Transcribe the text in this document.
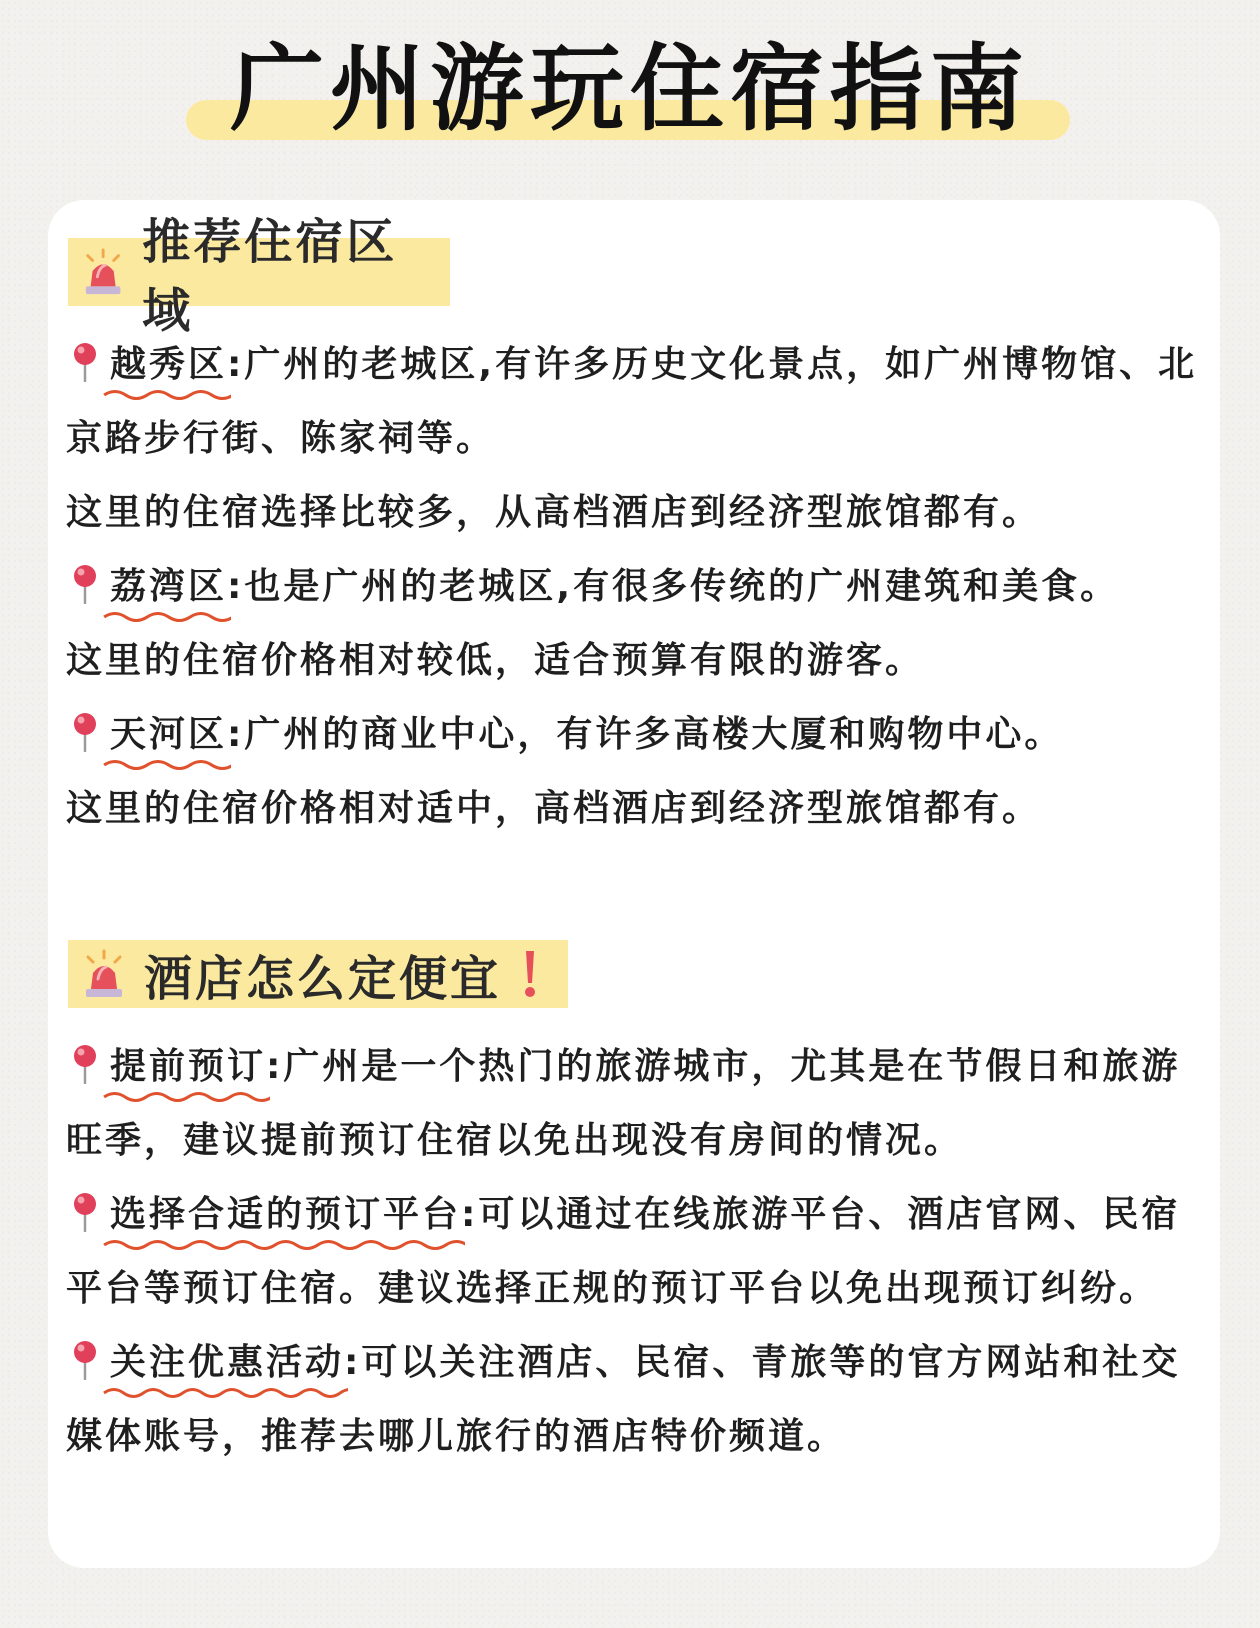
广州游玩住宿指南
推荐住宿区域
越秀区
:广州的老城区,有许多历史文化景点，如广州博物馆、北
京路步行街、陈家祠等。
这里的住宿选择比较多，从高档酒店到经济型旅馆都有。
荔湾区
:也是广州的老城区,有很多传统的广州建筑和美食。
这里的住宿价格相对较低，适合预算有限的游客。
天河区
:广州的商业中心，有许多高楼大厦和购物中心。
这里的住宿价格相对适中，高档酒店到经济型旅馆都有。
酒店怎么定便宜
提前预订
:广州是一个热门的旅游城市，尤其是在节假日和旅游
旺季，建议提前预订住宿以免出现没有房间的情况。
选择合适的预订平台
:可以通过在线旅游平台、酒店官网、民宿
平台等预订住宿。建议选择正规的预订平台以免出现预订纠纷。
关注优惠活动
:可以关注酒店、民宿、青旅等的官方网站和社交
媒体账号，推荐去哪儿旅行的酒店特价频道。
